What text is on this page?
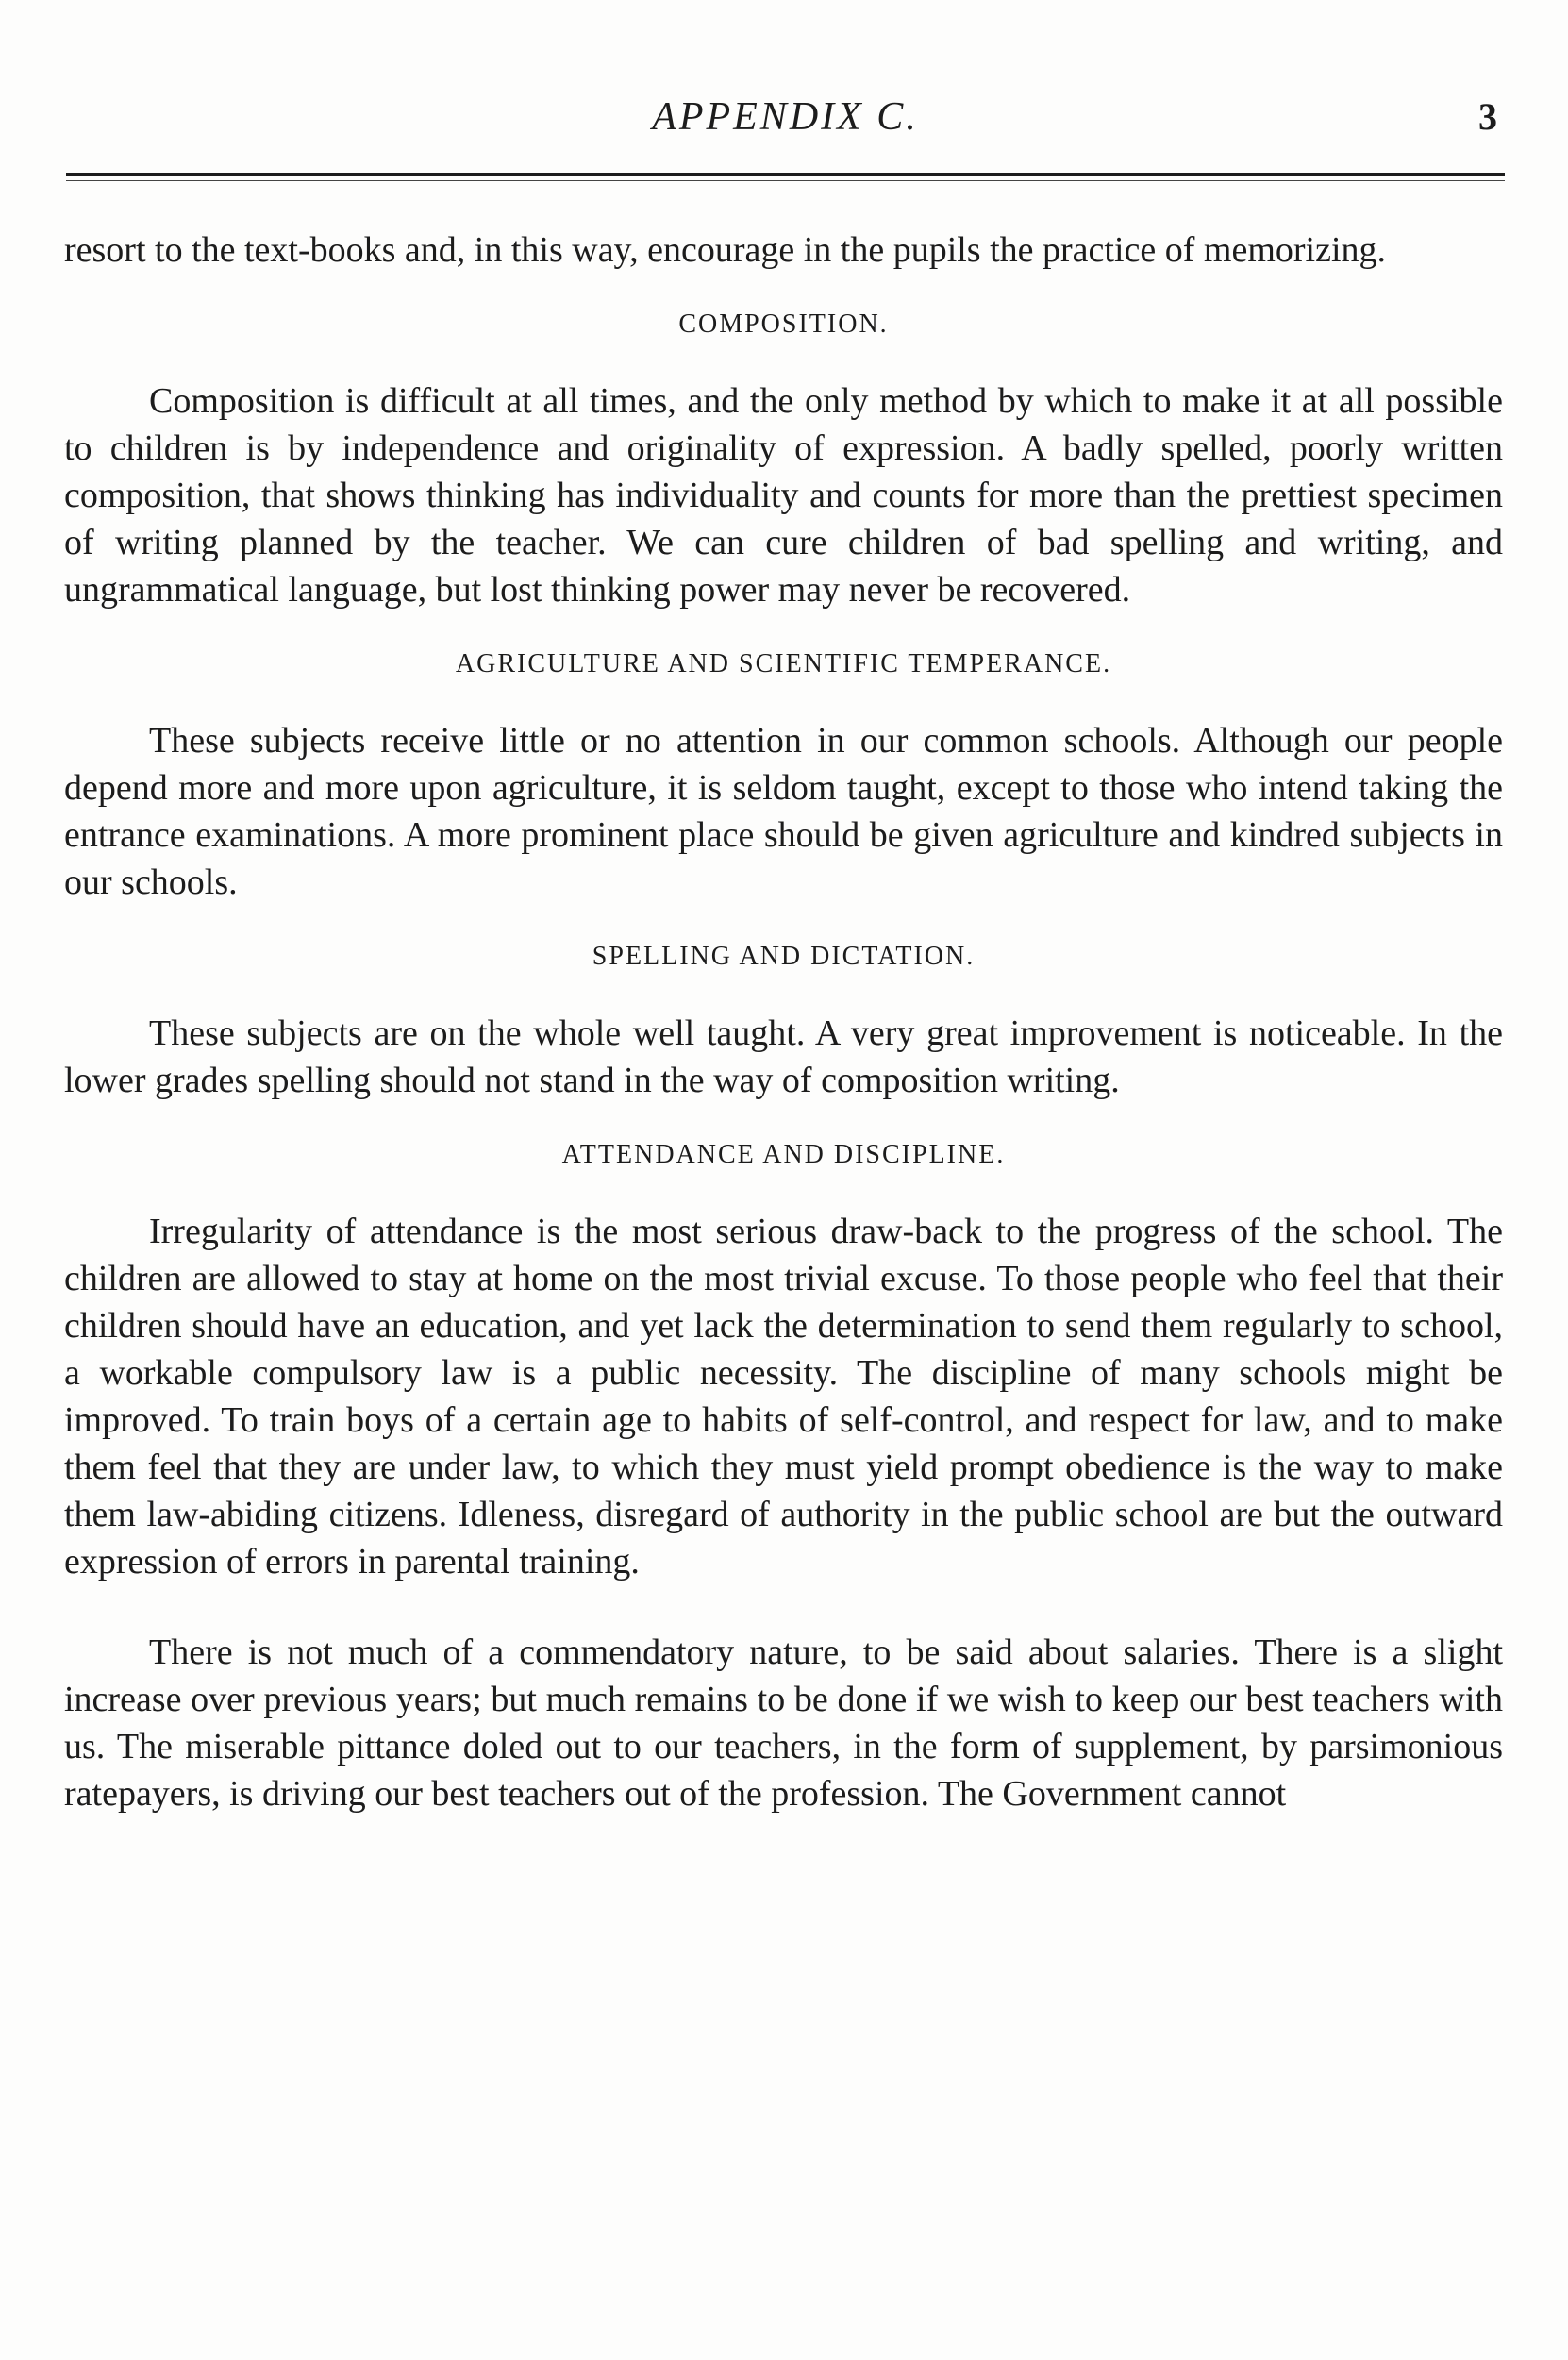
APPENDIX C.	3

resort to the text-books and, in this way, encourage in the pupils the practice of memorizing.

COMPOSITION.

Composition is difficult at all times, and the only method by which to make it at all possible to children is by independence and originality of expression. A badly spelled, poorly written composition, that shows thinking has individuality and counts for more than the prettiest specimen of writing planned by the teacher. We can cure children of bad spelling and writing, and ungrammatical language, but lost thinking power may never be recovered.

AGRICULTURE AND SCIENTIFIC TEMPERANCE.

These subjects receive little or no attention in our common schools. Although our people depend more and more upon agriculture, it is seldom taught, except to those who intend taking the entrance examinations. A more prominent place should be given agriculture and kindred subjects in our schools.

SPELLING AND DICTATION.

These subjects are on the whole well taught. A very great improvement is noticeable. In the lower grades spelling should not stand in the way of composition writing.

ATTENDANCE AND DISCIPLINE.

Irregularity of attendance is the most serious draw-back to the progress of the school. The children are allowed to stay at home on the most trivial excuse. To those people who feel that their children should have an education, and yet lack the determination to send them regularly to school, a workable compulsory law is a public necessity. The discipline of many schools might be improved. To train boys of a certain age to habits of self-control, and respect for law, and to make them feel that they are under law, to which they must yield prompt obedience is the way to make them law-abiding citizens. Idleness, disregard of authority in the public school are but the outward expression of errors in parental training.

There is not much of a commendatory nature, to be said about salaries. There is a slight increase over previous years; but much remains to be done if we wish to keep our best teachers with us. The miserable pittance doled out to our teachers, in the form of supplement, by parsimonious ratepayers, is driving our best teachers out of the profession. The Government cannot
